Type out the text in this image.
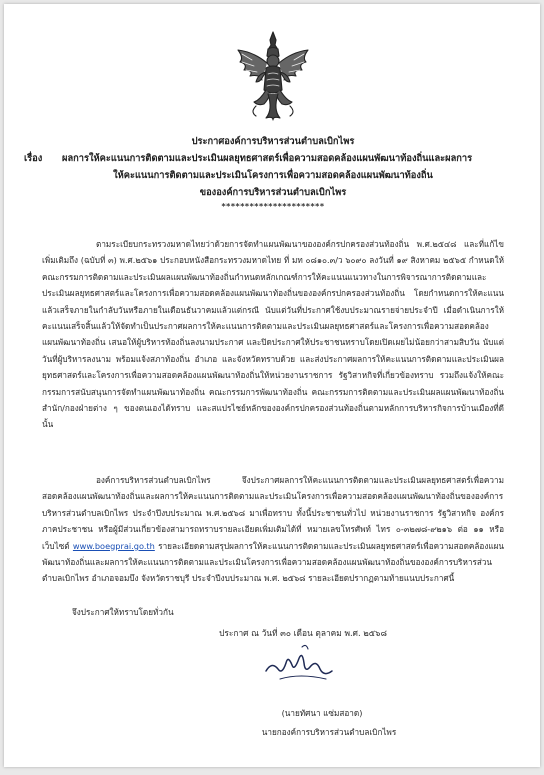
ประกาศองค์การบริหารส่วนตำบลเบิกไพร
เรื่อง ผลการให้คะแนนการติดตามและประเมินผลยุทธศาสตร์เพื่อความสอดคล้องแผนพัฒนาท้องถิ่นและผลการ
ให้คะแนนการติดตามและประเมินโครงการเพื่อความสอดคล้องแผนพัฒนาท้องถิ่น
ขององค์การบริหารส่วนตำบลเบิกไพร
**********************

ตามระเบียบกระทรวงมหาดไทยว่าด้วยการจัดทำแผนพัฒนาขององค์กรปกครองส่วนท้องถิ่น พ.ศ.๒๕๔๘ และที่แก้ไขเพิ่มเติมถึง (ฉบับที่ ๓) พ.ศ.๒๕๖๑ ประกอบหนังสือกระทรวงมหาดไทย ที่ มท ๐๘๑๐.๓/ว ๖๐๙๐ ลงวันที่ ๑๙ สิงหาคม ๒๕๖๕ กำหนดให้คณะกรรมการติดตามและประเมินผลแผนพัฒนาท้องถิ่นกำหนดหลักเกณฑ์การให้คะแนนแนวทางในการพิจารณาการติดตามและประเมินผลยุทธศาสตร์และโครงการเพื่อความสอดคล้องแผนพัฒนาท้องถิ่นขององค์กรปกครองส่วนท้องถิ่น โดยกำหนดการให้คะแนนแล้วเสร็จภายในกำลับวันหรือภายในเดือนธันวาคมแล้วแต่กรณี นับแต่วันที่ประกาศใช้งบประมาณรายจ่ายประจำปี เมื่อดำเนินการให้คะแนนเสร็จสิ้นแล้วให้จัดทำเป็นประกาศผลการให้คะแนนการติดตามและประเมินผลยุทธศาสตร์และโครงการเพื่อความสอดคล้องแผนพัฒนาท้องถิ่น เสนอให้ผู้บริหารท้องถิ่นลงนามประกาศ และปิดประกาศให้ประชาชนทราบโดยเปิดเผยไม่น้อยกว่าสามสิบวัน นับแต่วันที่ผู้บริหารลงนาม พร้อมแจ้งสภาท้องถิ่น อำเภอ และจังหวัดทราบด้วย และส่งประกาศผลการให้คะแนนการติดตามและประเมินผลยุทธศาสตร์และโครงการเพื่อความสอดคล้องแผนพัฒนาท้องถิ่นให้หน่วยงานราชการ รัฐวิสาหกิจที่เกี่ยวข้องทราบ รวมถึงแจ้งให้คณะกรรมการสนับสนุนการจัดทำแผนพัฒนาท้องถิ่น คณะกรรมการพัฒนาท้องถิ่น คณะกรรมการติดตามและประเมินผลแผนพัฒนาท้องถิ่น สำนัก/กองฝ่ายต่าง ๆ ของตนเองได้ทราบ และสแปรไชย์หลักขององค์กรปกครองส่วนท้องถิ่นตามหลักการบริหารกิจการบ้านเมืองที่ดี นั้น

องค์การบริหารส่วนตำบลเบิกไพร จึงประกาศผลการให้คะแนนการติดตามและประเมินผลยุทธศาสตร์เพื่อความสอดคล้องแผนพัฒนาท้องถิ่นและผลการให้คะแนนการติดตามและประเมินโครงการเพื่อความสอดคล้องแผนพัฒนาท้องถิ่นขององค์การบริหารส่วนตำบลเบิกไพร ประจำปีงบประมาณ พ.ศ.๒๕๖๘ มาเพื่อทราบ ทั้งนี้ประชาชนทั่วไป หน่วยงานราชการ รัฐวิสาหกิจ องค์กรภาคประชาชน หรือผู้มีส่วนเกี่ยวข้องสามารถทราบรายละเอียดเพิ่มเติมได้ที่ หมายเลขโทรศัพท์ ไทร ๐-๓๒๗๘-๙๒๑๖ ต่อ ๑๑ หรือเว็บไซต์ www.boegprai.go.th รายละเอียดตามสรุปผลการให้คะแนนการติดตามและประเมินผลยุทธศาสตร์เพื่อความสอดคล้องแผนพัฒนาท้องถิ่นและผลการให้คะแนนการติดตามและประเมินโครงการเพื่อความสอดคล้องแผนพัฒนาท้องถิ่นขององค์การบริหารส่วนตำบลเบิกไพร อำเภอจอมบึง จังหวัดราชบุรี ประจำปีงบประมาณ พ.ศ. ๒๕๖๘ รายละเอียดปรากฏตามท้ายแนบประกาศนี้

จึงประกาศให้ทราบโดยทั่วกัน

ประกาศ ณ วันที่ ๓๐ เดือน ตุลาคม พ.ศ. ๒๕๖๘
(นายทัศนา แซ่มสอาด)
นายกองค์การบริหารส่วนตำบลเบิกไพร
